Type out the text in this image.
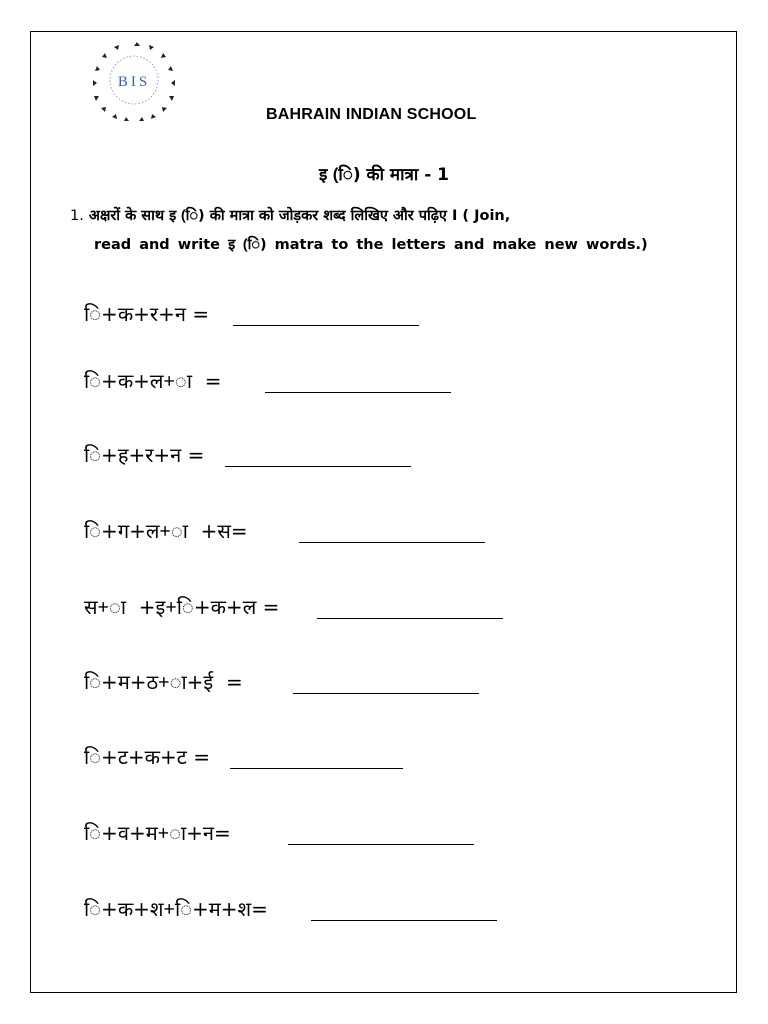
BIS
BAHRAIN INDIAN SCHOOL
इ (ि) की मात्रा - 1
1. अक्षरों के साथ इ (ि) की मात्रा को जोड़कर शब्द लिखिए और पढ़िए I ( Join,
read and write इ (ि) matra to the letters and make new words.)
ि+क+र+न =
ि+क+ल+ा  =
ि+ह+र+न =
ि+ग+ल+ा  +स=
स+ा  +इ+ि+क+ल =
ि+म+ठ+ा+ई  =
ि+ट+क+ट =
ि+व+म+ा+न=
ि+क+श+ि+म+श=
